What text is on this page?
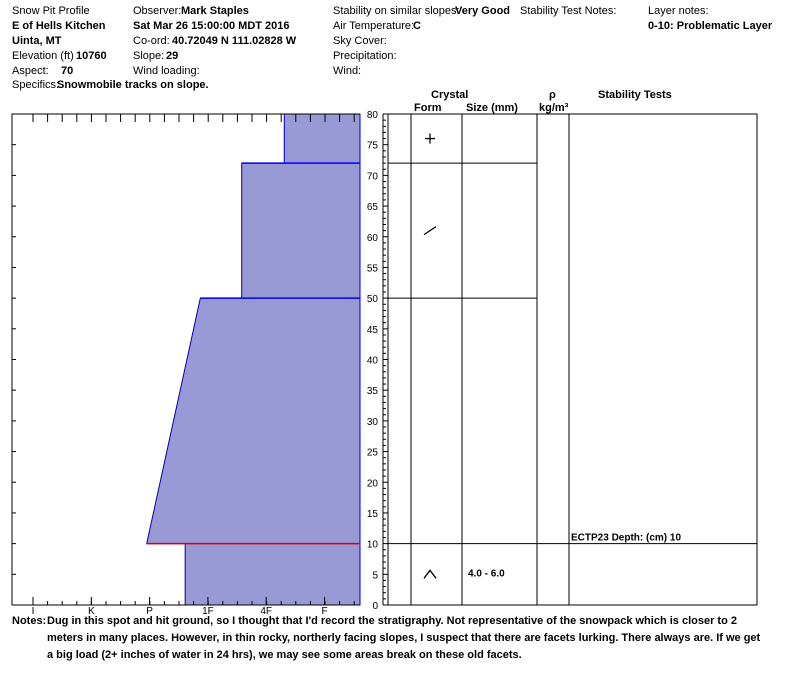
Snow Pit Profile
E of Hells Kitchen
Uinta, MT
Elevation (ft) 10760
Aspect: 70
Specifics:
Snowmobile tracks on slope.
Observer: Mark Staples
Sat Mar 26 15:00:00 MDT 2016
Co-ord: 40.72049 N 111.02828 W
Slope: 29
Wind loading:
Stability on similar slopes:
Very Good
Air Temperature:
C
Sky Cover:
Precipitation:
Wind:
Stability Test Notes:	Layer notes:
0-10: Problematic Layer
Crystal
Form Size (mm)
ρ
kg/m³
Stability Tests
I	K	P	1F	4F	F	0
5
10
15
20
25
30
35
40
45
50
55
60
65
70
75
80
4.0 - 6.0
ECTP23 Depth: (cm) 10
Notes: Dug in this spot and hit ground, so I thought that I'd record the stratigraphy. Not representative of the snowpack which is closer to 2 meters in many places. However, in thin rocky, northerly facing slopes, I suspect that there are facets lurking. There always are. If we get a big load (2+ inches of water in 24 hrs), we may see some areas break on these old facets.
